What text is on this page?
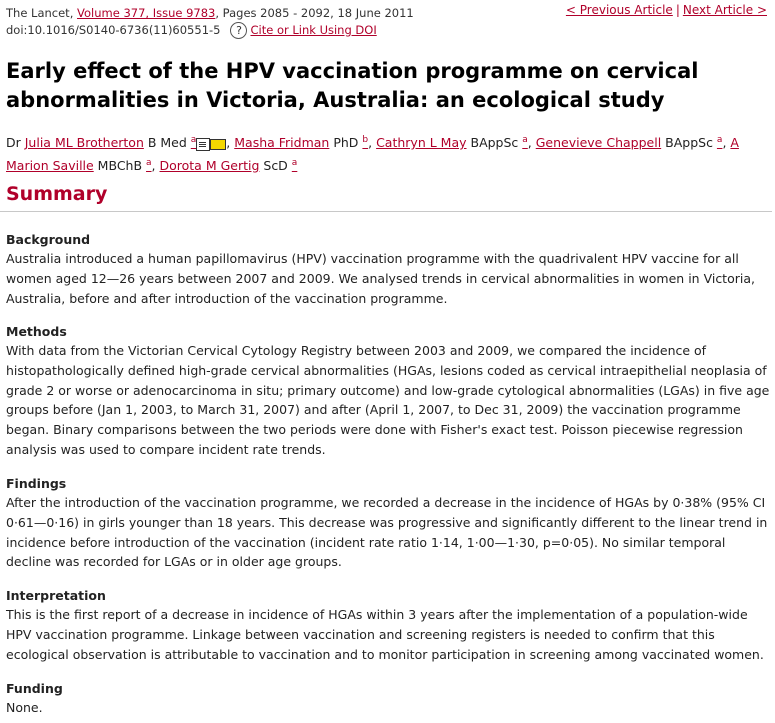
The Lancet, Volume 377, Issue 9783, Pages 2085 - 2092, 18 June 2011
doi:10.1016/S0140-6736(11)60551-5	? Cite or Link Using DOI
< Previous Article | Next Article >
Early effect of the HPV vaccination programme on cervical abnormalities in Victoria, Australia: an ecological study
Dr Julia ML Brotherton B Med $^a$ , Masha Fridman PhD $^b$, Cathryn L May BAppSc $^a$, Genevieve Chappell BAppSc $^a$, A Marion Saville MBChB $^a$, Dorota M Gertig ScD $^a$
Summary
Background

Australia introduced a human papillomavirus (HPV) vaccination programme with the quadrivalent HPV vaccine for all women aged 12—26 years between 2007 and 2009. We analysed trends in cervical abnormalities in women in Victoria, Australia, before and after introduction of the vaccination programme.

Methods

With data from the Victorian Cervical Cytology Registry between 2003 and 2009, we compared the incidence of histopathologically defined high-grade cervical abnormalities (HGAs, lesions coded as cervical intraepithelial neoplasia of grade 2 or worse or adenocarcinoma in situ; primary outcome) and low-grade cytological abnormalities (LGAs) in five age groups before (Jan 1, 2003, to March 31, 2007) and after (April 1, 2007, to Dec 31, 2009) the vaccination programme began. Binary comparisons between the two periods were done with Fisher's exact test. Poisson piecewise regression analysis was used to compare incident rate trends.

Findings

After the introduction of the vaccination programme, we recorded a decrease in the incidence of HGAs by 0·38% (95% CI 0·61—0·16) in girls younger than 18 years. This decrease was progressive and significantly different to the linear trend in incidence before introduction of the vaccination (incident rate ratio 1·14, 1·00—1·30, p=0·05). No similar temporal decline was recorded for LGAs or in older age groups.

Interpretation

This is the first report of a decrease in incidence of HGAs within 3 years after the implementation of a population-wide HPV vaccination programme. Linkage between vaccination and screening registers is needed to confirm that this ecological observation is attributable to vaccination and to monitor participation in screening among vaccinated women.

Funding

None.
